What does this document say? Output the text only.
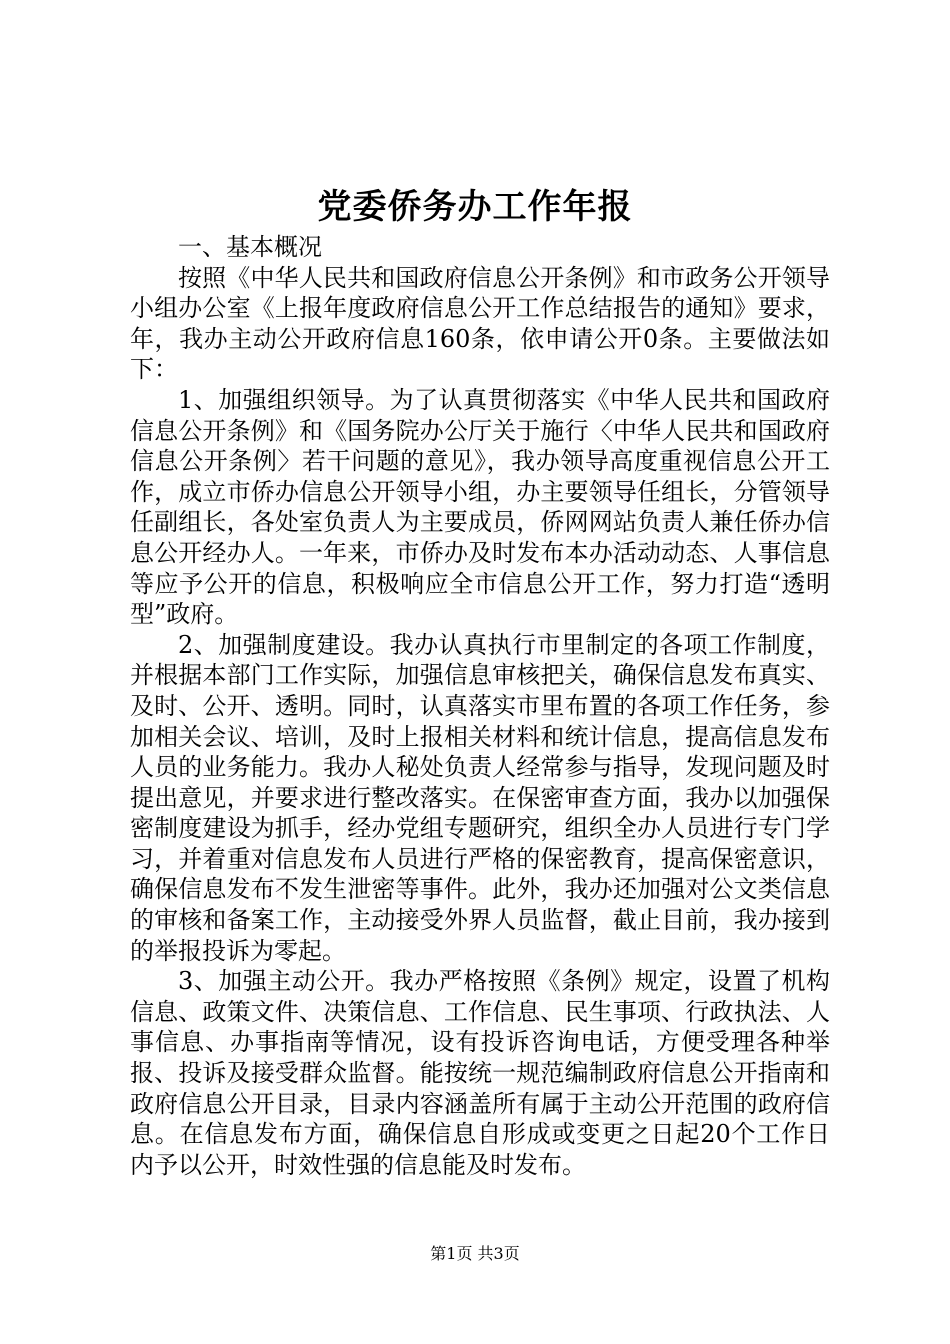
党委侨务办工作年报

一、基本概况

按照《中华人民共和国政府信息公开条例》和市政务公开领导小组办公室《上报年度政府信息公开工作总结报告的通知》要求，年，我办主动公开政府信息160条，依申请公开0条。主要做法如下：

1、加强组织领导。为了认真贯彻落实《中华人民共和国政府信息公开条例》和《国务院办公厅关于施行〈中华人民共和国政府信息公开条例〉若干问题的意见》，我办领导高度重视信息公开工作，成立市侨办信息公开领导小组，办主要领导任组长，分管领导任副组长，各处室负责人为主要成员，侨网网站负责人兼任侨办信息公开经办人。一年来，市侨办及时发布本办活动动态、人事信息等应予公开的信息，积极响应全市信息公开工作，努力打造“透明型”政府。

2、加强制度建设。我办认真执行市里制定的各项工作制度，并根据本部门工作实际，加强信息审核把关，确保信息发布真实、及时、公开、透明。同时，认真落实市里布置的各项工作任务，参加相关会议、培训，及时上报相关材料和统计信息，提高信息发布人员的业务能力。我办人秘处负责人经常参与指导，发现问题及时提出意见，并要求进行整改落实。在保密审查方面，我办以加强保密制度建设为抓手，经办党组专题研究，组织全办人员进行专门学习，并着重对信息发布人员进行严格的保密教育，提高保密意识，确保信息发布不发生泄密等事件。此外，我办还加强对公文类信息的审核和备案工作，主动接受外界人员监督，截止目前，我办接到的举报投诉为零起。

3、加强主动公开。我办严格按照《条例》规定，设置了机构信息、政策文件、决策信息、工作信息、民生事项、行政执法、人事信息、办事指南等情况，设有投诉咨询电话，方便受理各种举报、投诉及接受群众监督。能按统一规范编制政府信息公开指南和政府信息公开目录，目录内容涵盖所有属于主动公开范围的政府信息。在信息发布方面，确保信息自形成或变更之日起20个工作日内予以公开，时效性强的信息能及时发布。

第1页 共3页
